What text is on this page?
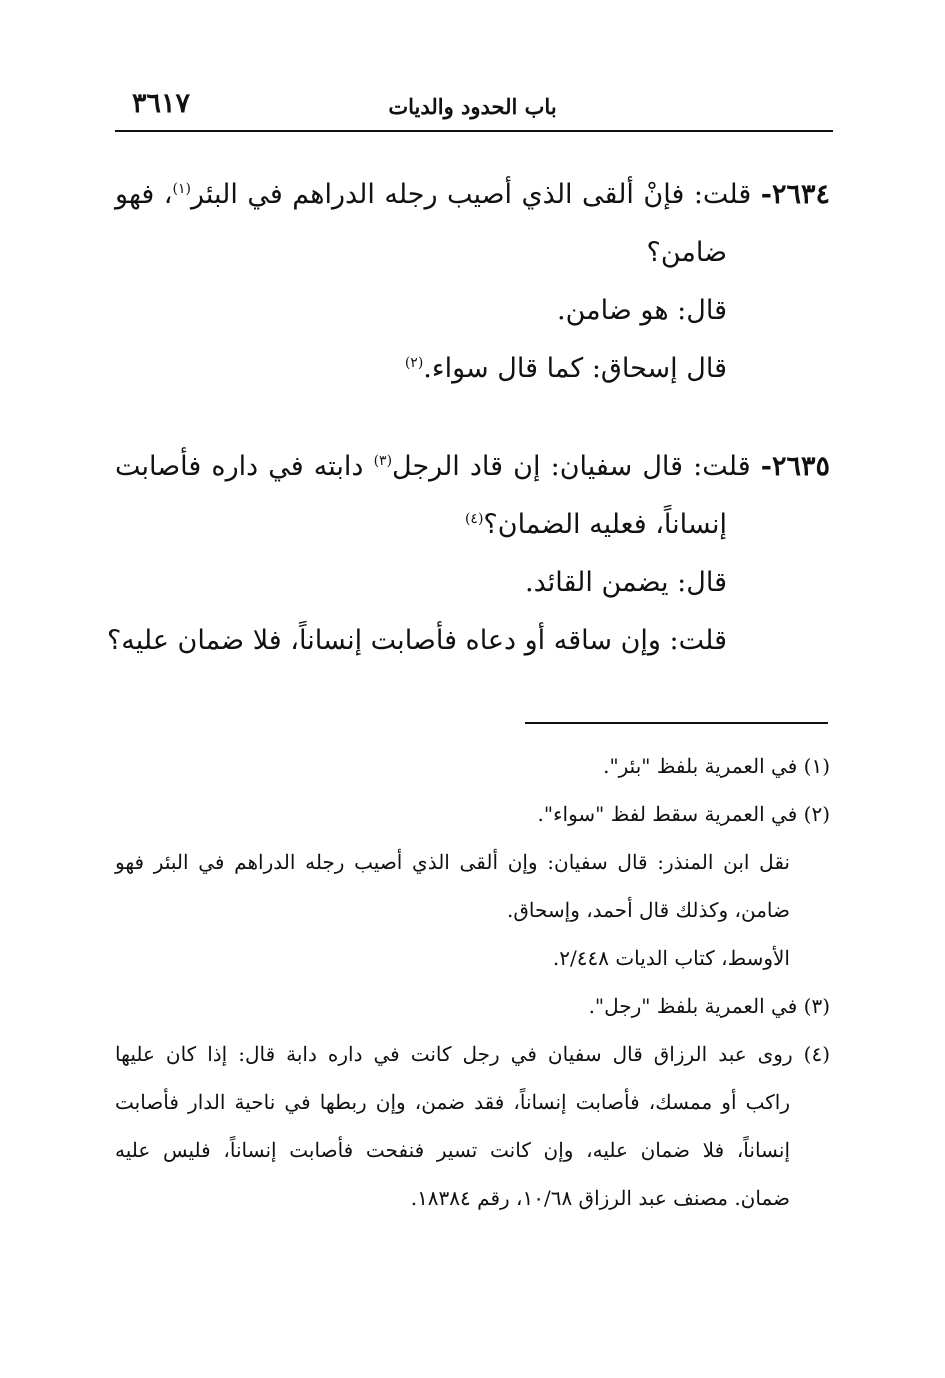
باب الحدود والديات
٣٦١٧
٢٦٣٤- قلت: فإنْ ألقى الذي أصيب رجله الدراهم في البئر$^{(١)}$، فهو
ضامن؟
قال: هو ضامن.
قال إسحاق: كما قال سواء.$^{(٢)}$
٢٦٣٥- قلت: قال سفيان: إن قاد الرجل$^{(٣)}$ دابته في داره فأصابت
إنساناً، فعليه الضمان؟$^{(٤)}$
قال: يضمن القائد.
قلت: وإن ساقه أو دعاه فأصابت إنساناً، فلا ضمان عليه؟
(١) في العمرية بلفظ "بئر".
(٢) في العمرية سقط لفظ "سواء".
نقل ابن المنذر: قال سفيان: وإن ألقى الذي أصيب رجله الدراهم في البئر فهو
ضامن، وكذلك قال أحمد، وإسحاق.
الأوسط، كتاب الديات ٢/٤٤٨.
(٣) في العمرية بلفظ "رجل".
(٤) روى عبد الرزاق قال سفيان في رجل كانت في داره دابة قال: إذا كان عليها
راكب أو ممسك، فأصابت إنساناً، فقد ضمن، وإن ربطها في ناحية الدار فأصابت
إنساناً، فلا ضمان عليه، وإن كانت تسير فنفحت فأصابت إنساناً، فليس عليه
ضمان. مصنف عبد الرزاق ١٠/٦٨، رقم ١٨٣٨٤.
